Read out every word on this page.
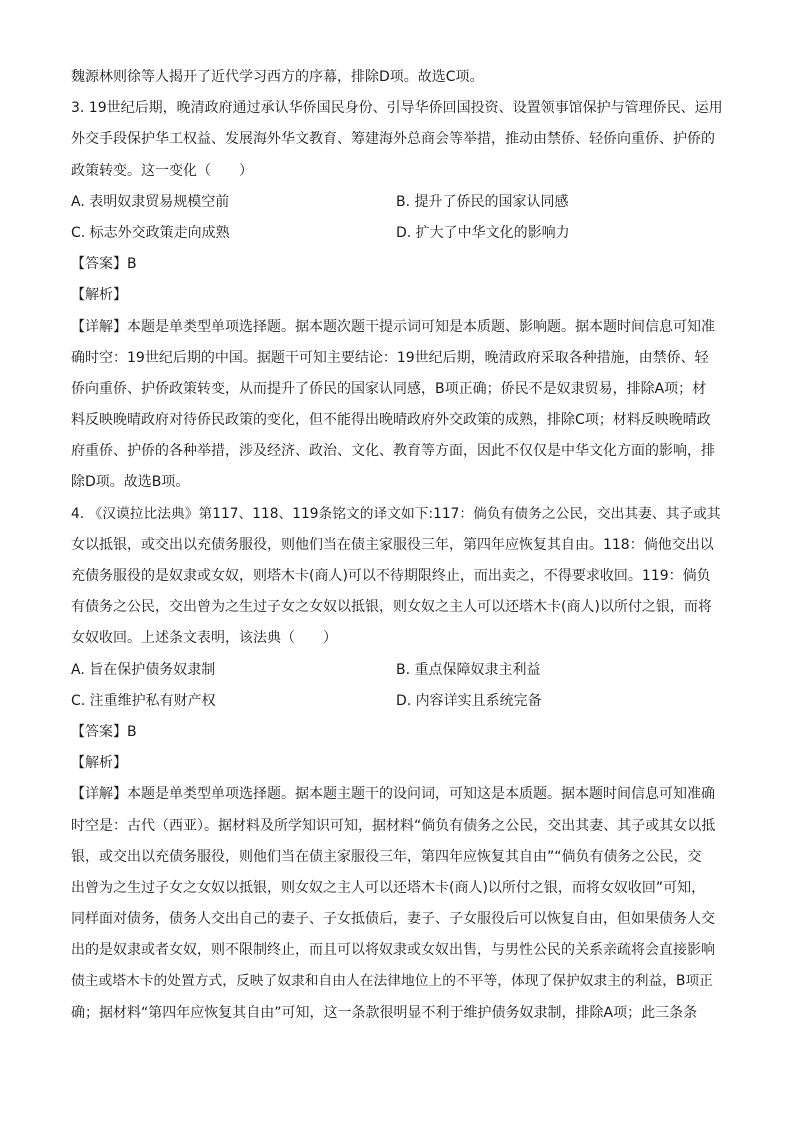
魏源林则徐等人揭开了近代学习西方的序幕，排除D项。故选C项。
3. 19世纪后期，晚清政府通过承认华侨国民身份、引导华侨回国投资、设置领事馆保护与管理侨民、运用
外交手段保护华工权益、发展海外华文教育、筹建海外总商会等举措，推动由禁侨、轻侨向重侨、护侨的
政策转变。这一变化（　　）
A. 表明奴隶贸易规模空前	B. 提升了侨民的国家认同感
C. 标志外交政策走向成熟	D. 扩大了中华文化的影响力
【答案】B
【解析】
【详解】本题是单类型单项选择题。据本题次题干提示词可知是本质题、影响题。据本题时间信息可知准
确时空：19世纪后期的中国。据题干可知主要结论：19世纪后期，晚清政府采取各种措施，由禁侨、轻
侨向重侨、护侨政策转变，从而提升了侨民的国家认同感，B项正确；侨民不是奴隶贸易，排除A项；材
料反映晚晴政府对待侨民政策的变化，但不能得出晚晴政府外交政策的成熟，排除C项；材料反映晚晴政
府重侨、护侨的各种举措，涉及经济、政治、文化、教育等方面，因此不仅仅是中华文化方面的影响，排
除D项。故选B项。
4. 《汉谟拉比法典》第117、118、119条铭文的译文如下:117：倘负有债务之公民，交出其妻、其子或其
女以抵银，或交出以充债务服役，则他们当在债主家服役三年，第四年应恢复其自由。118：倘他交出以
充债务服役的是奴隶或女奴，则塔木卡(商人)可以不待期限终止，而出卖之，不得要求收回。119：倘负
有债务之公民，交出曾为之生过子女之女奴以抵银，则女奴之主人可以还塔木卡(商人)以所付之银，而将
女奴收回。上述条文表明，该法典（　　）
A. 旨在保护债务奴隶制	B. 重点保障奴隶主利益
C. 注重维护私有财产权	D. 内容详实且系统完备
【答案】B
【解析】
【详解】本题是单类型单项选择题。据本题主题干的设问词，可知这是本质题。据本题时间信息可知准确
时空是：古代（西亚）。据材料及所学知识可知，据材料“倘负有债务之公民，交出其妻、其子或其女以抵
银，或交出以充债务服役，则他们当在债主家服役三年，第四年应恢复其自由”“倘负有债务之公民，交
出曾为之生过子女之女奴以抵银，则女奴之主人可以还塔木卡(商人)以所付之银，而将女奴收回”可知，
同样面对债务，债务人交出自己的妻子、子女抵债后，妻子、子女服役后可以恢复自由，但如果债务人交
出的是奴隶或者女奴，则不限制终止，而且可以将奴隶或女奴出售，与男性公民的关系亲疏将会直接影响
债主或塔木卡的处置方式，反映了奴隶和自由人在法律地位上的不平等，体现了保护奴隶主的利益，B项正
确；据材料“第四年应恢复其自由”可知，这一条款很明显不利于维护债务奴隶制，排除A项；此三条条
